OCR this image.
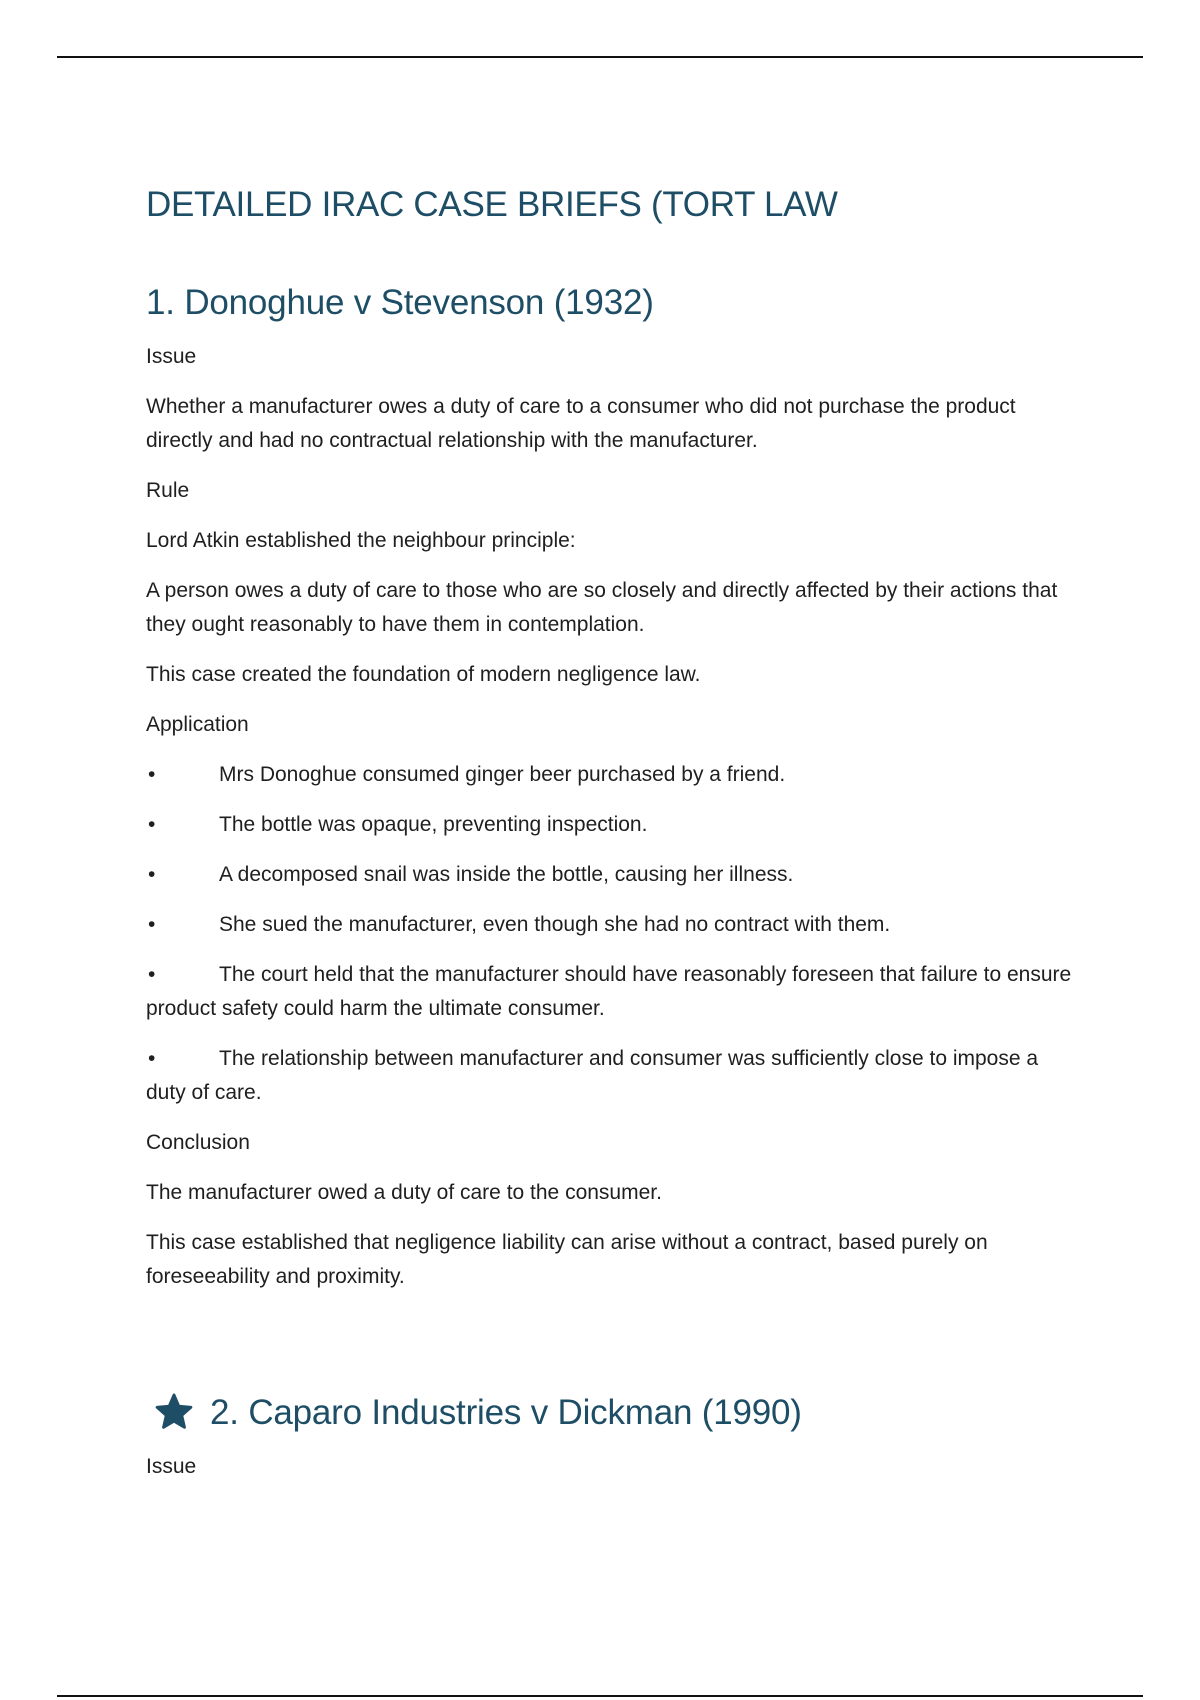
DETAILED IRAC CASE BRIEFS (TORT LAW
1. Donoghue v Stevenson (1932)

Issue

Whether a manufacturer owes a duty of care to a consumer who did not purchase the product directly and had no contractual relationship with the manufacturer.

Rule

Lord Atkin established the neighbour principle:

A person owes a duty of care to those who are so closely and directly affected by their actions that they ought reasonably to have them in contemplation.

This case created the foundation of modern negligence law.

Application

•	Mrs Donoghue consumed ginger beer purchased by a friend.
•	The bottle was opaque, preventing inspection.
•	A decomposed snail was inside the bottle, causing her illness.
•	She sued the manufacturer, even though she had no contract with them.
•	The court held that the manufacturer should have reasonably foreseen that failure to ensure product safety could harm the ultimate consumer.
•	The relationship between manufacturer and consumer was sufficiently close to impose a duty of care.

Conclusion

The manufacturer owed a duty of care to the consumer.

This case established that negligence liability can arise without a contract, based purely on foreseeability and proximity.

2. Caparo Industries v Dickman (1990)

Issue
